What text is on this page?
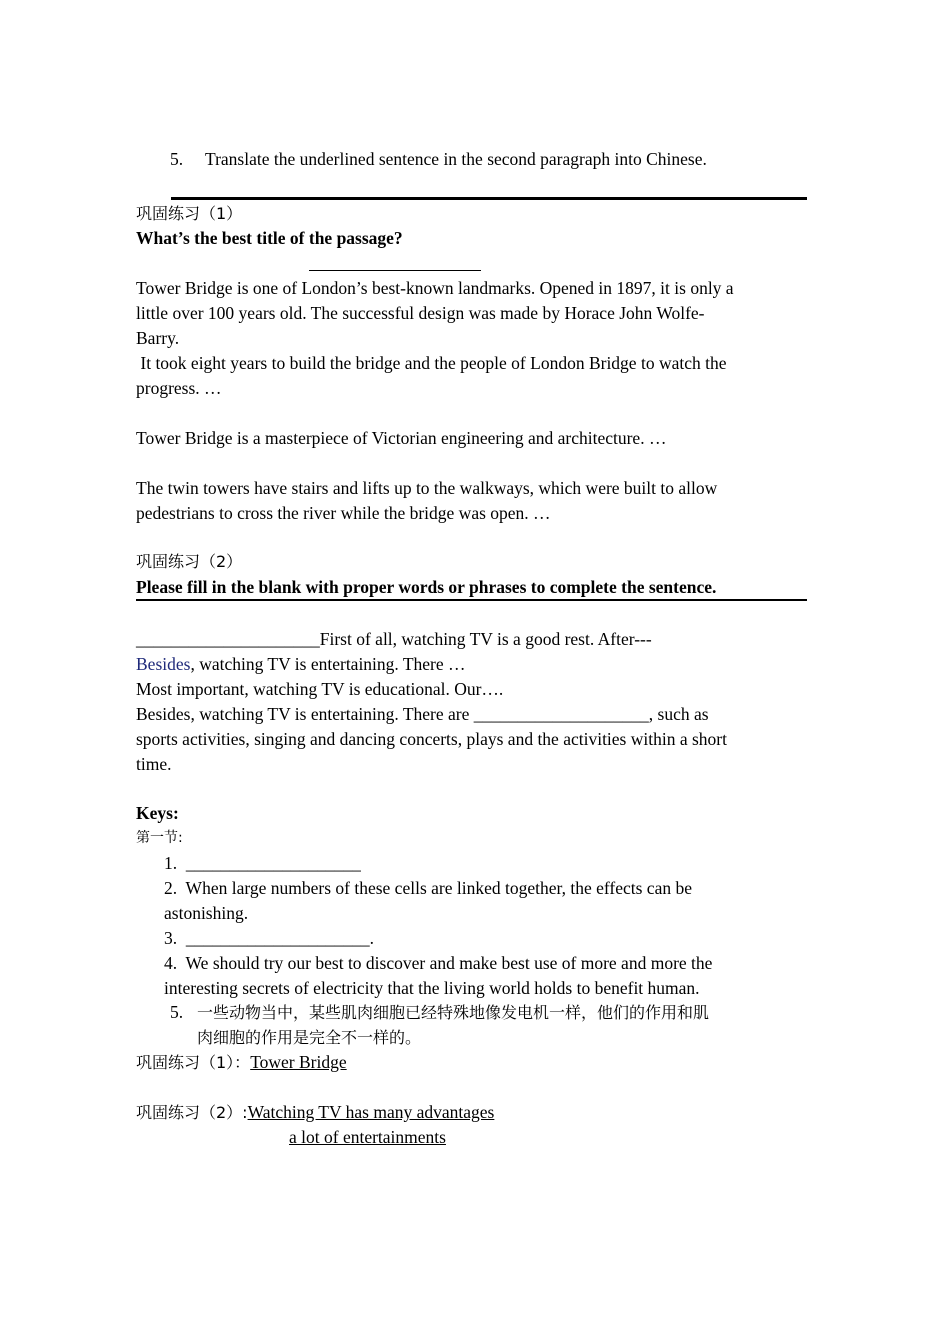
5. Translate the underlined sentence in the second paragraph into Chinese.
巩固练习（1）
What’s the best title of the passage?
Tower Bridge is one of London’s best-known landmarks. Opened in 1897, it is only a
little over 100 years old. The successful design was made by Horace John Wolfe-
Barry.
It took eight years to build the bridge and the people of London Bridge to watch the
progress. …
Tower Bridge is a masterpiece of Victorian engineering and architecture. …
The twin towers have stairs and lifts up to the walkways, which were built to allow
pedestrians to cross the river while the bridge was open. …
巩固练习（2）
Please fill in the blank with proper words or phrases to complete the sentence.
_____________________First of all, watching TV is a good rest. After---
Besides, watching TV is entertaining. There …
Most important, watching TV is educational. Our….
Besides, watching TV is entertaining. There are ____________________, such as
sports activities, singing and dancing concerts, plays and the activities within a short
time.
Keys:
第一节:
1.  ____________________
2.  When large numbers of these cells are linked together, the effects can be
astonishing.
3.  _____________________.
4.  We should try our best to discover and make best use of more and more the
interesting secrets of electricity that the living world holds to benefit human.
5. 一些动物当中，某些肌肉细胞已经特殊地像发电机一样，他们的作用和肌
肉细胞的作用是完全不一样的。
巩固练习（1）：Tower Bridge
巩固练习（2）:Watching TV has many advantages
a lot of entertainments
